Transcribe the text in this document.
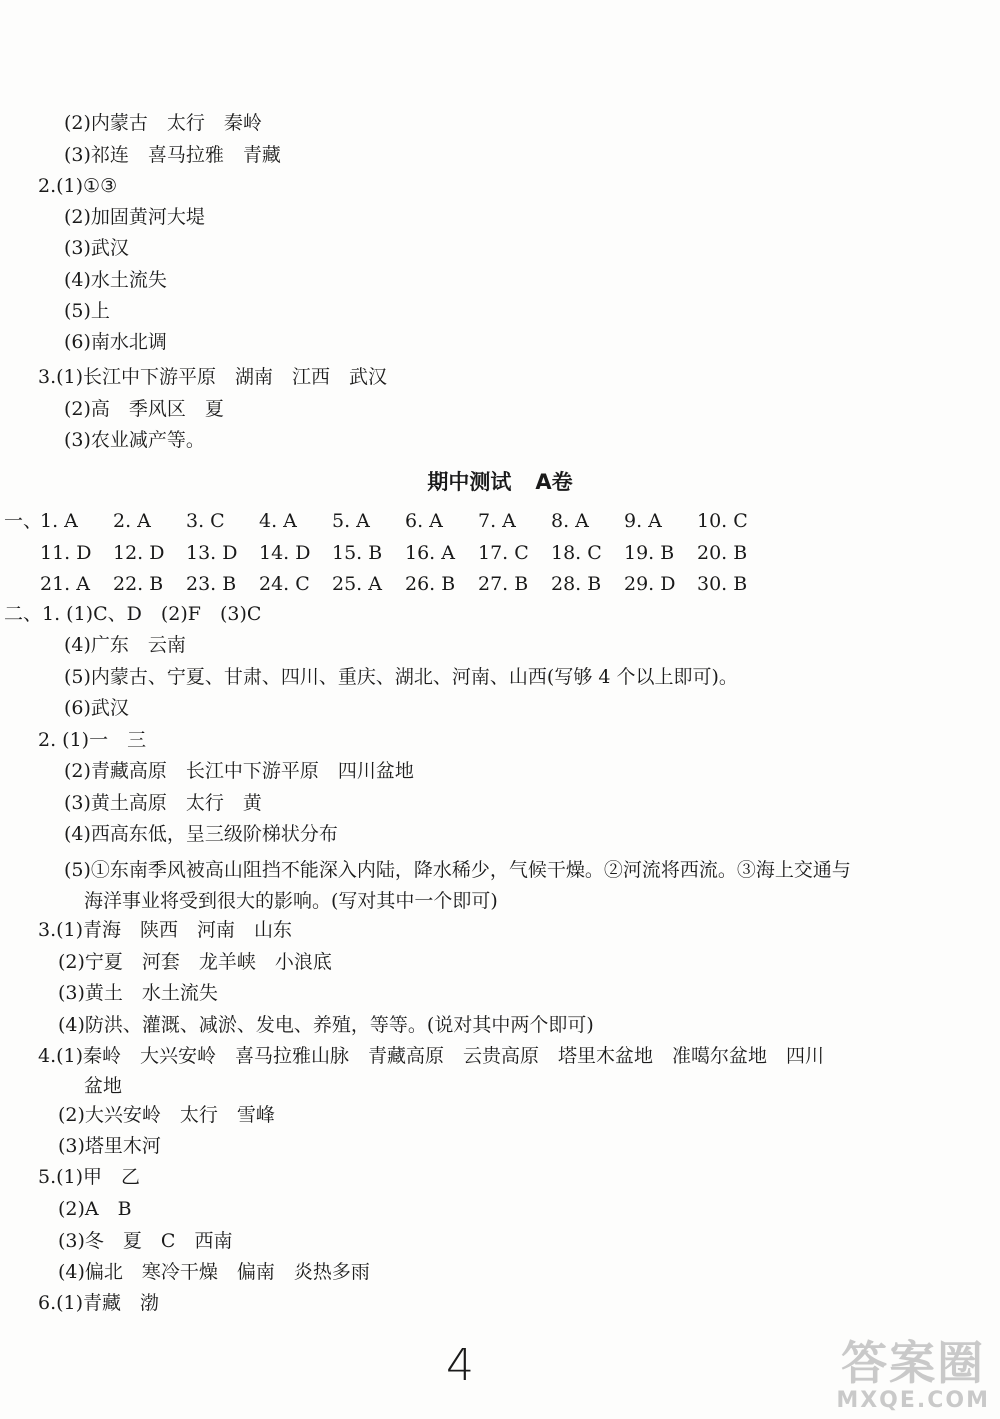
(2)内蒙古　太行　秦岭
(3)祁连　喜马拉雅　青藏
2.(1)①③
(2)加固黄河大堤
(3)武汉
(4)水土流失
(5)上
(6)南水北调
3.(1)长江中下游平原　湖南　江西　武汉
(2)高　季风区　夏
(3)农业减产等。
期中测试 A卷
一、
1. A 2. A 3. C 4. A 5. A 6. A 7. A 8. A 9. A 10. C
11. D 12. D 13. D 14. D 15. B 16. A 17. C 18. C 19. B 20. B
21. A 22. B 23. B 24. C 25. A 26. B 27. B 28. B 29. D 30. B
二、1. (1)C、D　(2)F　(3)C
(4)广东　云南
(5)内蒙古、宁夏、甘肃、四川、重庆、湖北、河南、山西(写够 4 个以上即可)。
(6)武汉
2. (1)一　三
(2)青藏高原　长江中下游平原　四川盆地
(3)黄土高原　太行　黄
(4)西高东低，呈三级阶梯状分布
(5)①东南季风被高山阻挡不能深入内陆，降水稀少，气候干燥。②河流将西流。③海上交通与
海洋事业将受到很大的影响。(写对其中一个即可)
3.(1)青海　陕西　河南　山东
(2)宁夏　河套　龙羊峡　小浪底
(3)黄土　水土流失
(4)防洪、灌溉、减淤、发电、养殖，等等。(说对其中两个即可)
4.(1)秦岭　大兴安岭　喜马拉雅山脉　青藏高原　云贵高原　塔里木盆地　准噶尔盆地　四川
盆地
(2)大兴安岭　太行　雪峰
(3)塔里木河
5.(1)甲　乙
(2)A　B
(3)冬　夏　C　西南
(4)偏北　寒冷干燥　偏南　炎热多雨
6.(1)青藏　渤
4	答案圈
MXQE.COM
